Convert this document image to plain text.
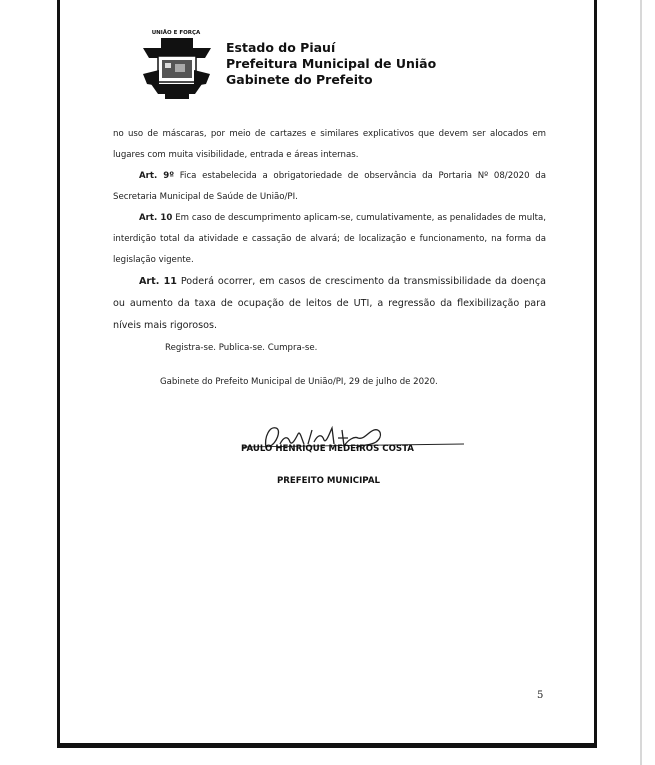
UNIÃO E FORÇA
Estado do Piauí
Prefeitura Municipal de União
Gabinete do Prefeito

no uso de máscaras, por meio de cartazes e similares explicativos que devem ser alocados em lugares com muita visibilidade, entrada e áreas internas.

Art. 9º Fica estabelecida a obrigatoriedade de observância da Portaria Nº 08/2020 da Secretaria Municipal de Saúde de União/PI.

Art. 10 Em caso de descumprimento aplicam-se, cumulativamente, as penalidades de multa, interdição total da atividade e cassação de alvará; de localização e funcionamento, na forma da legislação vigente.

Art. 11 Poderá ocorrer, em casos de crescimento da transmissibilidade da doença ou aumento da taxa de ocupação de leitos de UTI, a regressão da flexibilização para níveis mais rigorosos.

Registra-se. Publica-se. Cumpra-se.
Gabinete do Prefeito Municipal de União/PI, 29 de julho de 2020.
PAULO HENRIQUE MEDEIROS COSTA
PREFEITO MUNICIPAL
5
